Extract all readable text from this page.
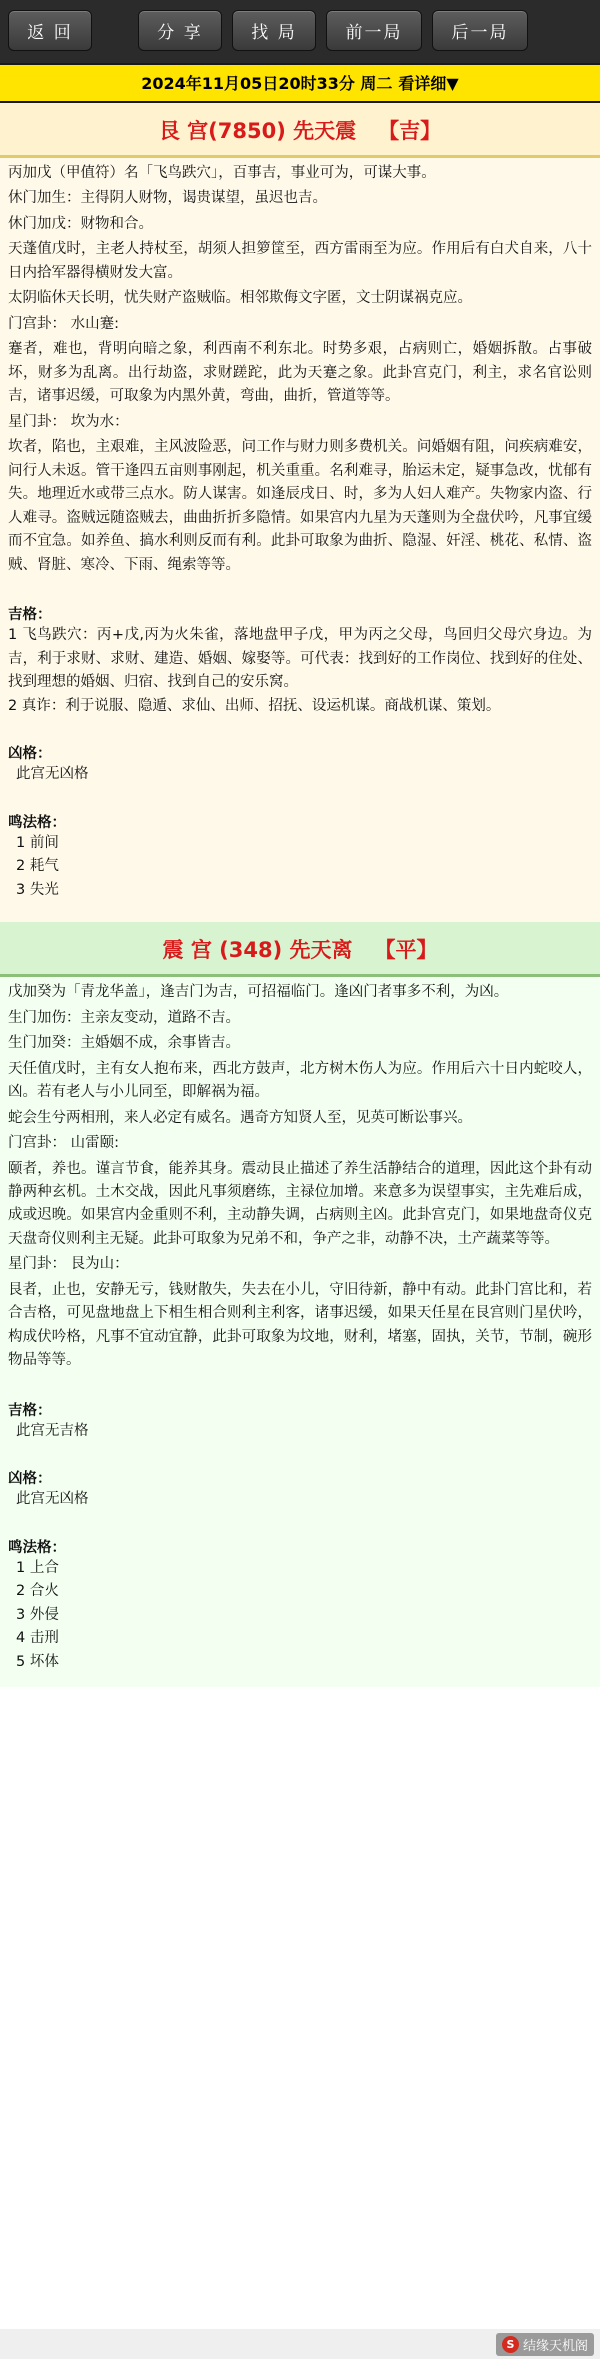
返 回	分 享	找 局	前一局	后一局
2024年11月05日20时33分 周二 看详细▼
艮 宫(7850) 先天震 【吉】

丙加戊（甲值符）名「飞鸟跌穴」，百事吉，事业可为，可谋大事。

休门加生：主得阴人财物，谒贵谋望，虽迟也吉。

休门加戊：财物和合。

天蓬值戊时，主老人持杖至，胡须人担箩筐至，西方雷雨至为应。作用后有白犬自来，八十日内拾军器得横财发大富。

太阴临休天长明，忧失财产盗贼临。相邻欺侮文字匿，文士阴谋祸克应。

门宫卦： 水山蹇:

蹇者，难也，背明向暗之象，利西南不利东北。时势多艰，占病则亡，婚姻拆散。占事破坏，财多为乱离。出行劫盗，求财蹉跎，此为天蹇之象。此卦宫克门，利主，求名官讼则吉，诸事迟缓，可取象为内黑外黄，弯曲，曲折，管道等等。

星门卦： 坎为水：

坎者，陷也，主艰难，主风波险恶，问工作与财力则多费机关。问婚姻有阻，问疾病难安，问行人未返。管干逢四五亩则事刚起，机关重重。名利难寻，胎运未定，疑事急改，忧郁有失。地理近水或带三点水。防人谋害。如逢辰戌日、时，多为人妇人难产。失物家内盗、行人难寻。盗贼远随盗贼去，曲曲折折多隐情。如果宫内九星为天蓬则为全盘伏吟，凡事宜缓而不宜急。如养鱼、搞水利则反而有利。此卦可取象为曲折、隐湿、奸淫、桃花、私情、盗贼、肾脏、寒冷、下雨、绳索等等。

吉格：
1 飞鸟跌穴：丙+戊,丙为火朱雀，落地盘甲子戊，甲为丙之父母，鸟回归父母穴身边。为吉，利于求财、求财、建造、婚姻、嫁娶等。可代表：找到好的工作岗位、找到好的住处、找到理想的婚姻、归宿、找到自己的安乐窝。
2 真诈：利于说服、隐遁、求仙、出师、招抚、设运机谋。商战机谋、策划。
凶格：
此宫无凶格
鸣法格：
1 前间
2 耗气
3 失光
震 宫 (348) 先天离 【平】

戊加癸为「青龙华盖」，逢吉门为吉，可招福临门。逢凶门者事多不利，为凶。

生门加伤：主亲友变动，道路不吉。

生门加癸：主婚姻不成，余事皆吉。

天任值戊时，主有女人抱布来，西北方鼓声，北方树木伤人为应。作用后六十日内蛇咬人，凶。若有老人与小儿同至，即解祸为福。

蛇会生兮两相刑，来人必定有威名。遇奇方知贤人至，见英可断讼事兴。

门宫卦： 山雷颐:

颐者，养也。谨言节食，能养其身。震动艮止描述了养生活静结合的道理，因此这个卦有动静两种玄机。土木交战，因此凡事须磨练，主禄位加增。来意多为误望事实，主先难后成，成或迟晚。如果宫内金重则不利，主动静失调，占病则主凶。此卦宫克门，如果地盘奇仪克天盘奇仪则利主无疑。此卦可取象为兄弟不和，争产之非，动静不决，土产蔬菜等等。

星门卦： 艮为山：

艮者，止也，安静无亏，钱财散失，失去在小儿，守旧待新，静中有动。此卦门宫比和，若合吉格，可见盘地盘上下相生相合则利主利客，诸事迟缓，如果天任星在艮宫则门星伏吟，构成伏吟格，凡事不宜动宜静，此卦可取象为坟地，财利，堵塞，固执，关节，节制，碗形物品等等。

吉格：
此宫无吉格
凶格：
此宫无凶格
鸣法格：
1 上合
2 合火
3 外侵
4 击刑
5 坏体
S 结缘天机阁
